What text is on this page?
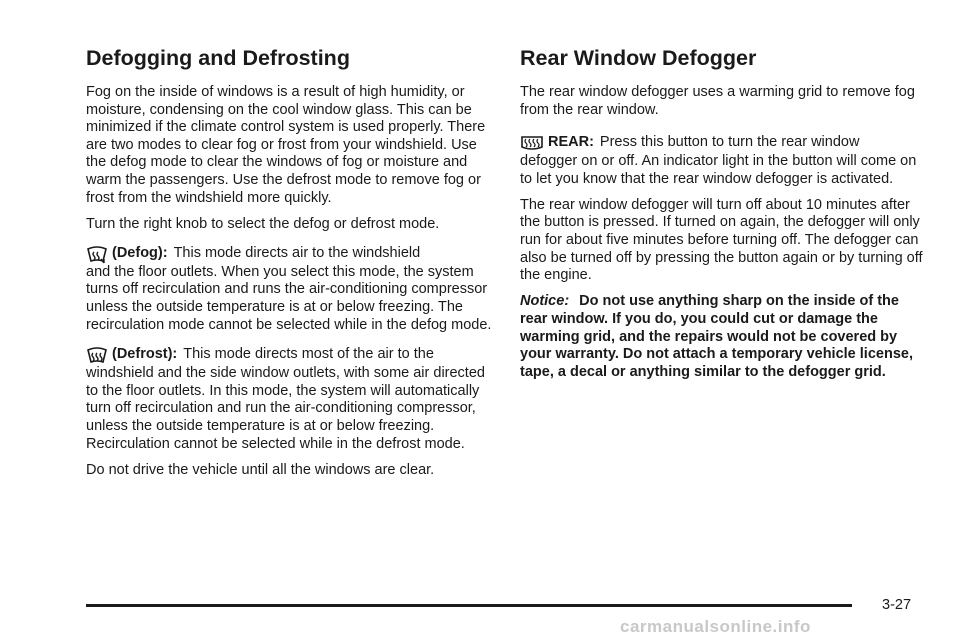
Defogging and Defrosting

Fog on the inside of windows is a result of high humidity, or moisture, condensing on the cool window glass. This can be minimized if the climate control system is used properly. There are two modes to clear fog or frost from your windshield. Use the defog mode to clear the windows of fog or moisture and warm the passengers. Use the defrost mode to remove fog or frost from the windshield more quickly.

Turn the right knob to select the defog or defrost mode.

(Defog): This mode directs air to the windshield

and the floor outlets. When you select this mode, the system turns off recirculation and runs the air-conditioning compressor unless the outside temperature is at or below freezing. The recirculation mode cannot be selected while in the defog mode.

(Defrost): This mode directs most of the air to the

windshield and the side window outlets, with some air directed to the floor outlets. In this mode, the system will automatically turn off recirculation and run the air-conditioning compressor, unless the outside temperature is at or below freezing. Recirculation cannot be selected while in the defrost mode.

Do not drive the vehicle until all the windows are clear.

Rear Window Defogger

The rear window defogger uses a warming grid to remove fog from the rear window.

REAR: Press this button to turn the rear window

defogger on or off. An indicator light in the button will come on to let you know that the rear window defogger is activated.

The rear window defogger will turn off about 10 minutes after the button is pressed. If turned on again, the defogger will only run for about five minutes before turning off. The defogger can also be turned off by pressing the button again or by turning off the engine.

Notice: Do not use anything sharp on the inside of the rear window. If you do, you could cut or damage the warming grid, and the repairs would not be covered by your warranty. Do not attach a temporary vehicle license, tape, a decal or anything similar to the defogger grid.

3-27
carmanualsonline.info
